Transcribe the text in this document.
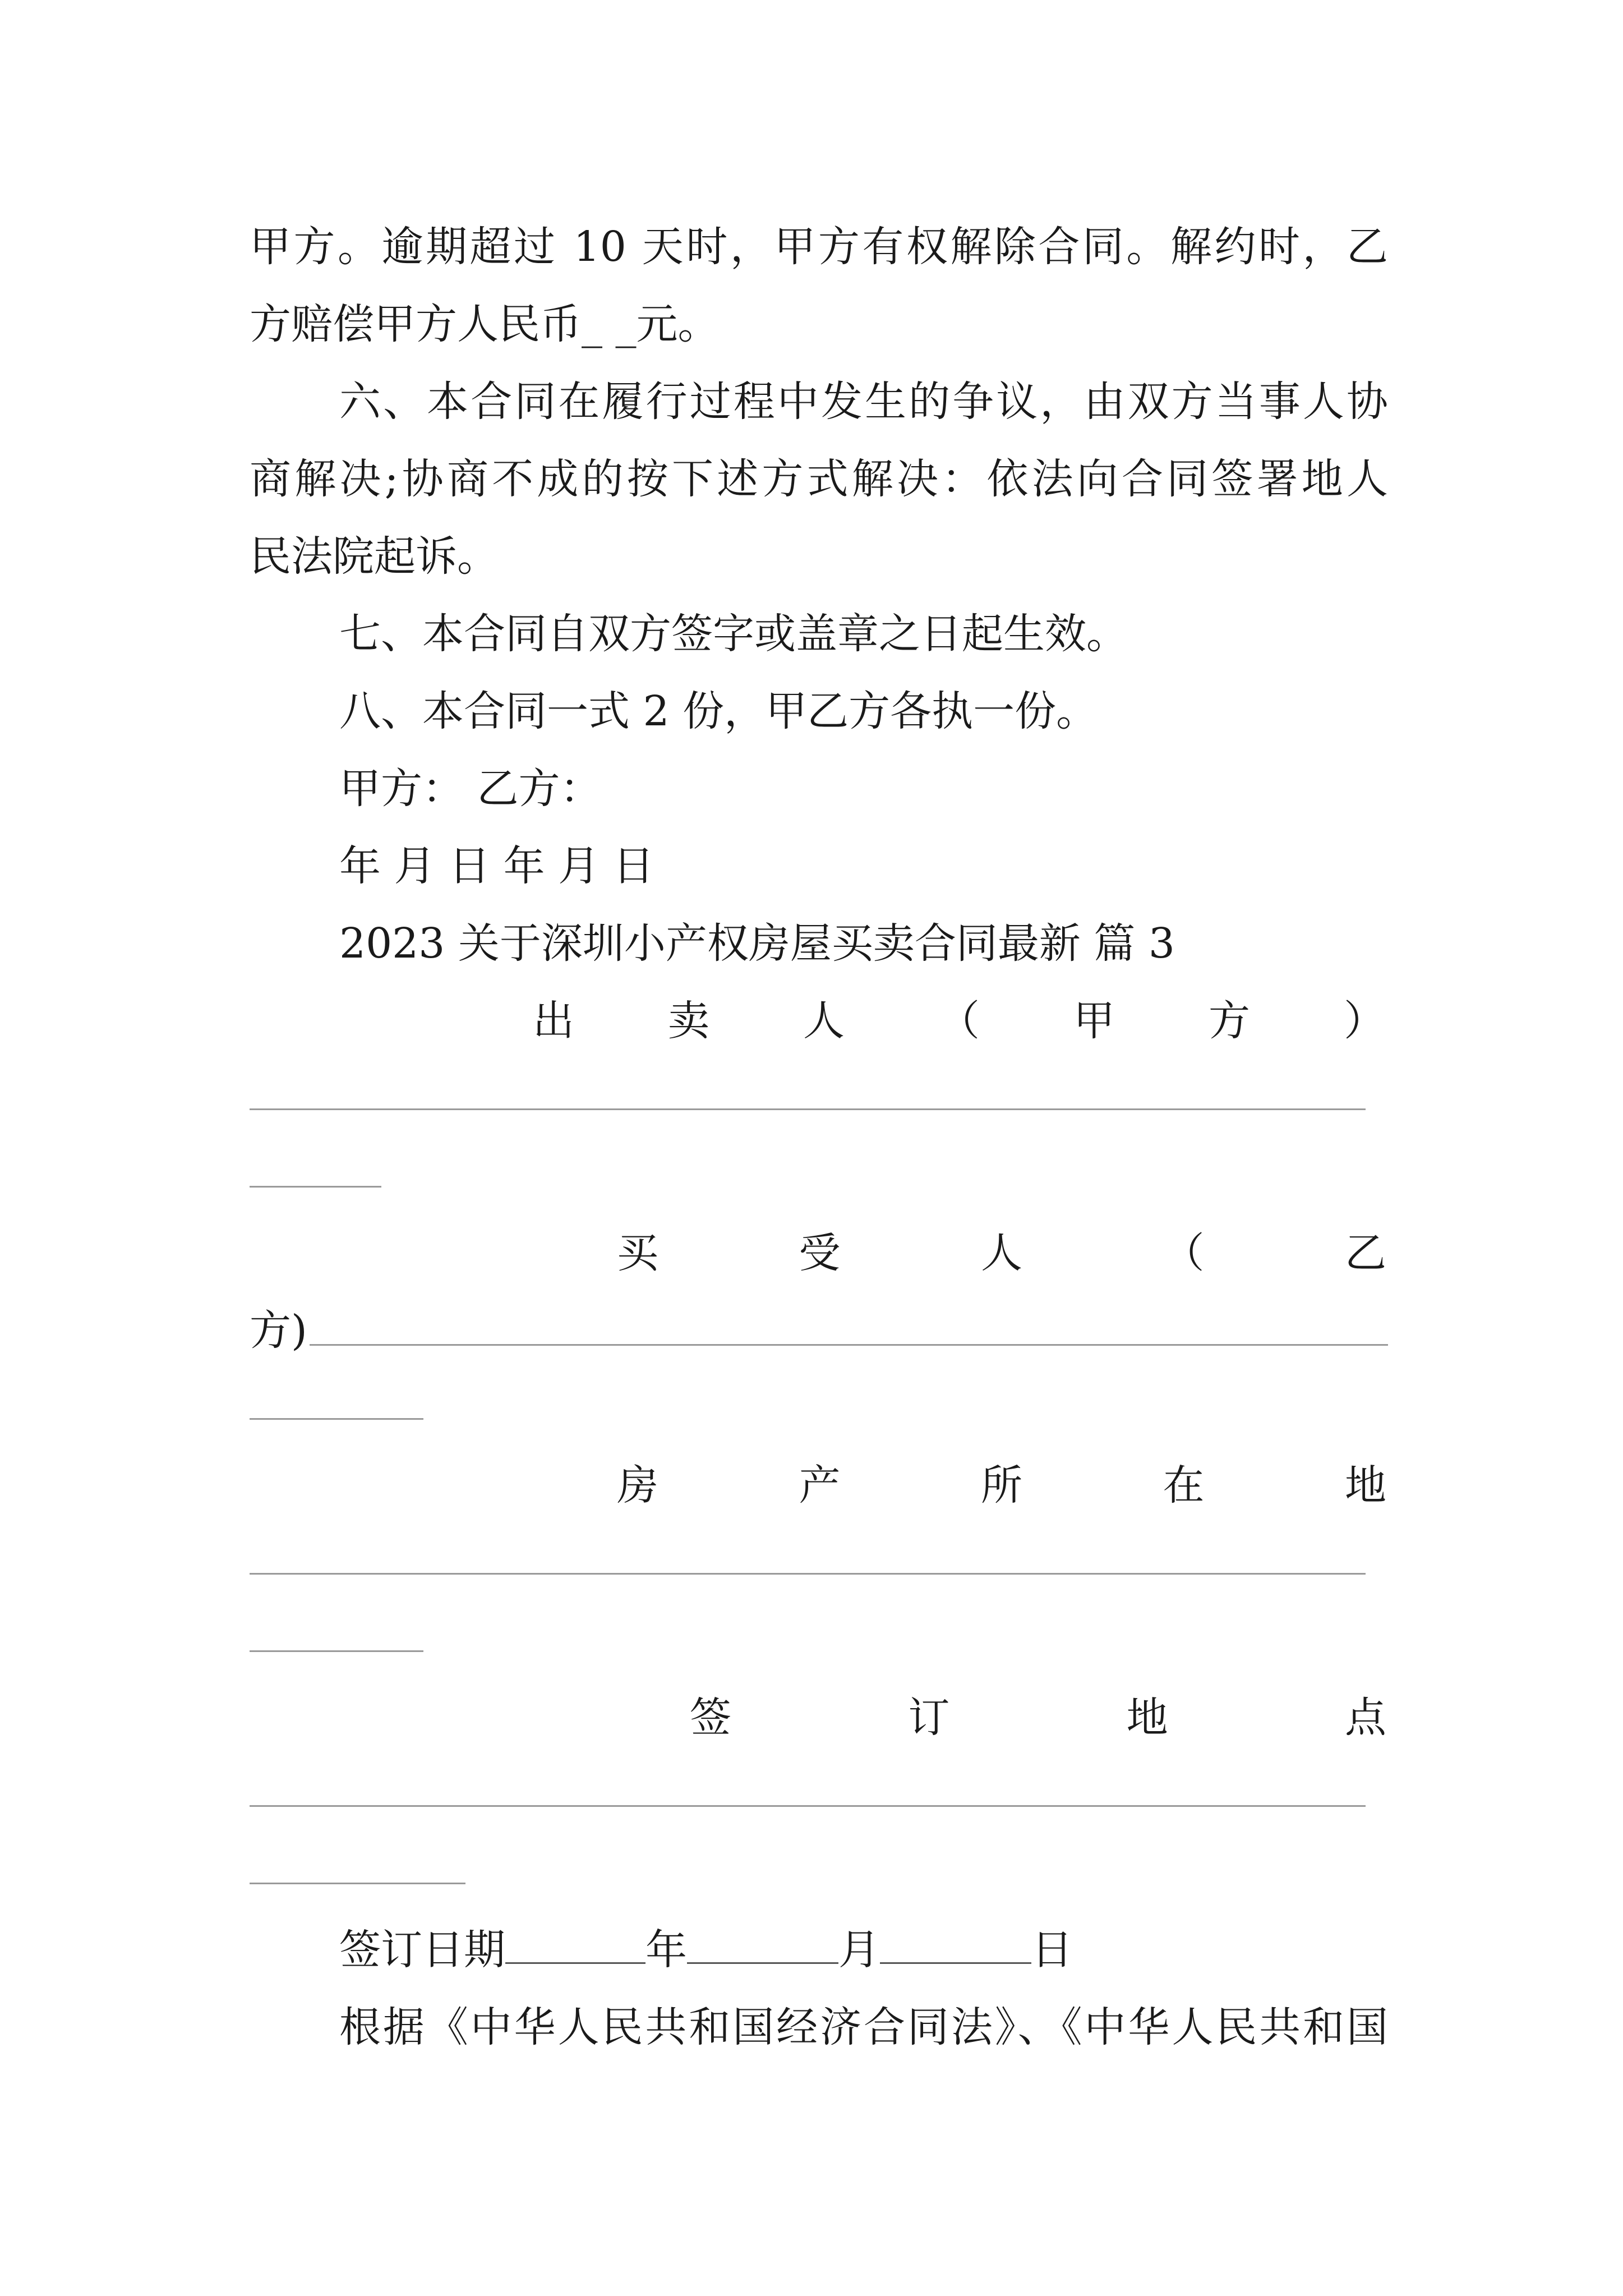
甲方。逾期超过 10 天时，甲方有权解除合同。解约时，乙
方赔偿甲方人民币_ _元。
六、本合同在履行过程中发生的争议，由双方当事人协
商解决;协商不成的按下述方式解决：依法向合同签署地人
民法院起诉。
七、本合同自双方签字或盖章之日起生效。
八、本合同一式 2 份，甲乙方各执一份。
甲方： 乙方：
年 月 日 年 月 日
2023 关于深圳小产权房屋买卖合同最新 篇 3
出 卖 人 （ 甲 方 ）
买	受	人	（	乙
方)
房	产	所	在	地
签	订	地	点
签订日期	年	月	日
根据《中华人民共和国经济合同法》、《中华人民共和国
